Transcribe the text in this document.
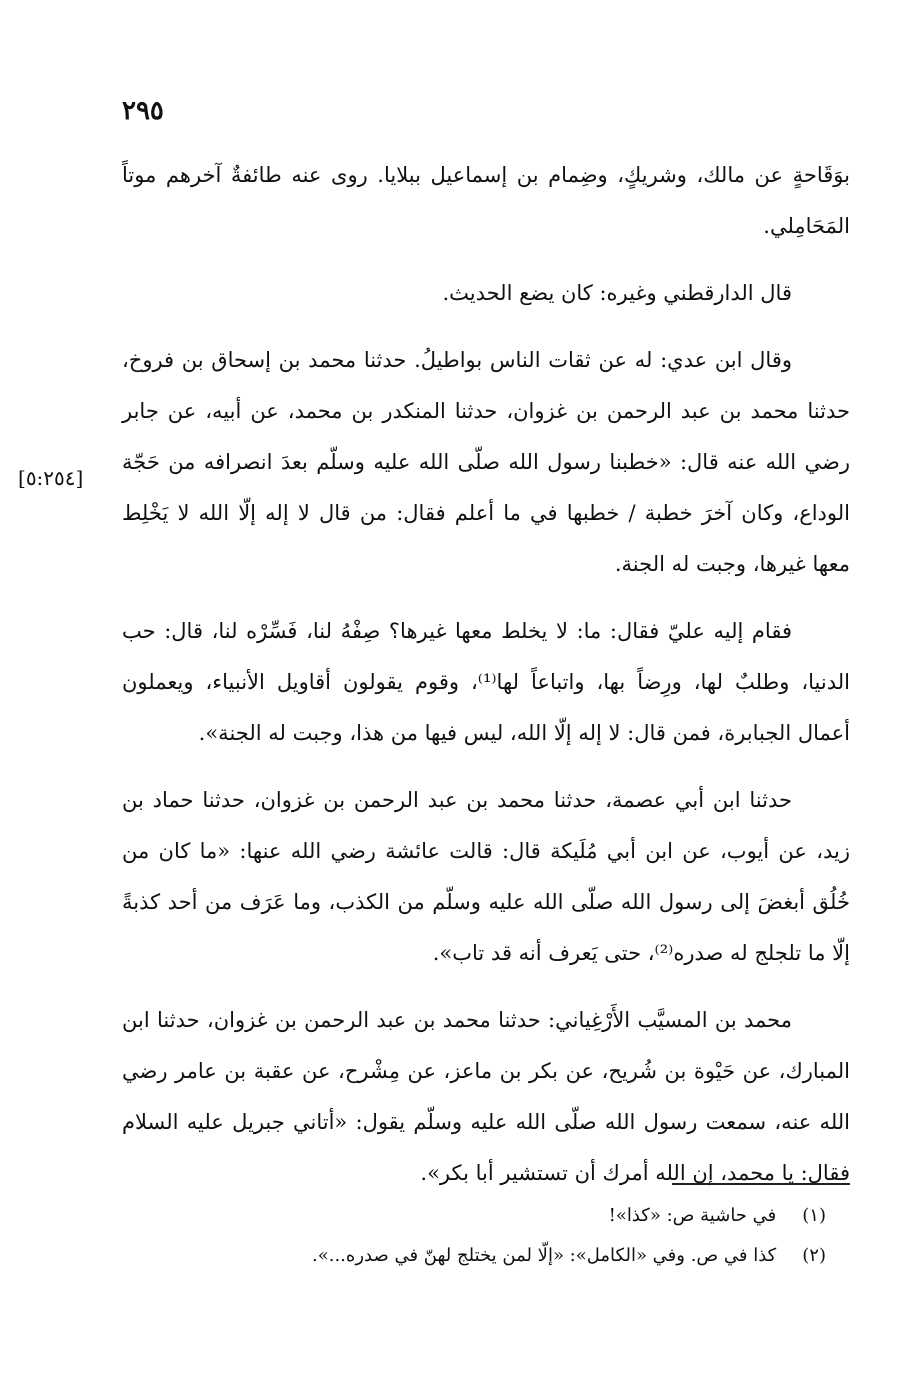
٢٩٥
[٥:٢٥٤]

بوَقَاحةٍ عن مالك، وشريكٍ، وضِمام بن إسماعيل ببلايا. روى عنه طائفةٌ آخرهم موتاً المَحَامِلي.

قال الدارقطني وغيره: كان يضع الحديث.

وقال ابن عدي: له عن ثقات الناس بواطيلُ. حدثنا محمد بن إسحاق بن فروخ، حدثنا محمد بن عبد الرحمن بن غزوان، حدثنا المنكدر بن محمد، عن أبيه، عن جابر رضي الله عنه قال: «خطبنا رسول الله صلّى الله عليه وسلّم بعدَ انصرافه من حَجّة الوداع، وكان آخرَ خطبة / خطبها في ما أعلم فقال: من قال لا إله إلّا الله لا يَخْلِط معها غيرها، وجبت له الجنة.

فقام إليه عليّ فقال: ما: لا يخلط معها غيرها؟ صِفْهُ لنا، فَسِّرْه لنا، قال: حب الدنيا، وطلبٌ لها، ورِضاً بها، واتباعاً لها⁽¹⁾، وقوم يقولون أقاويل الأنبياء، ويعملون أعمال الجبابرة، فمن قال: لا إله إلّا الله، ليس فيها من هذا، وجبت له الجنة».

حدثنا ابن أبي عصمة، حدثنا محمد بن عبد الرحمن بن غزوان، حدثنا حماد بن زيد، عن أيوب، عن ابن أبي مُلَيكة قال: قالت عائشة رضي الله عنها: «ما كان من خُلُق أبغضَ إلى رسول الله صلّى الله عليه وسلّم من الكذب، وما عَرَف من أحد كذبةً إلّا ما تلجلج له صدره⁽²⁾، حتى يَعرف أنه قد تاب».

محمد بن المسيَّب الأَرْغِياني: حدثنا محمد بن عبد الرحمن بن غزوان، حدثنا ابن المبارك، عن حَيْوة بن شُريح، عن بكر بن ماعز، عن مِشْرح، عن عقبة بن عامر رضي الله عنه، سمعت رسول الله صلّى الله عليه وسلّم يقول: «أتاني جبريل عليه السلام فقال: يا محمد، إن الله أمرك أن تستشير أبا بكر».

(١) في حاشية ص: «كذا»!

(٢) كذا في ص. وفي «الكامل»: «إلّا لمن يختلج لهنّ في صدره...».
